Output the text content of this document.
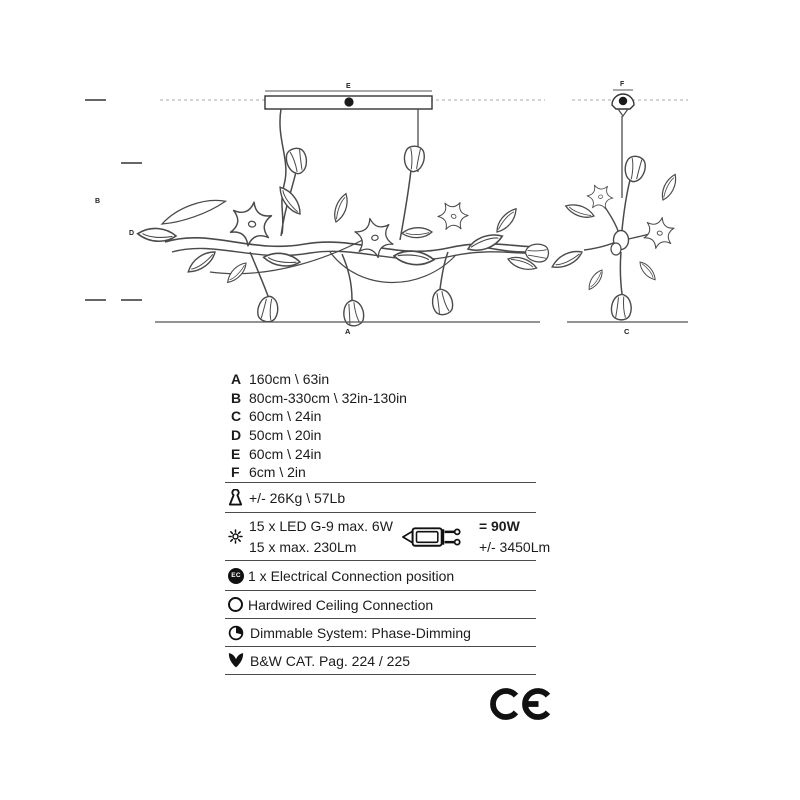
B
D
E
A
F
C
A 160cm \ 63in
B 80cm-330cm \ 32in-130in
C 60cm \ 24in
D 50cm \ 20in
E 60cm \ 24in
F 6cm \ 2in
+/- 26Kg \ 57Lb
15 x LED G-9 max. 6W
15 x max. 230Lm
= 90W
+/- 3450Lm
EC 1 x Electrical Connection position
Hardwired Ceiling Connection
Dimmable System: Phase-Dimming
B&W CAT. Pag. 224 / 225
